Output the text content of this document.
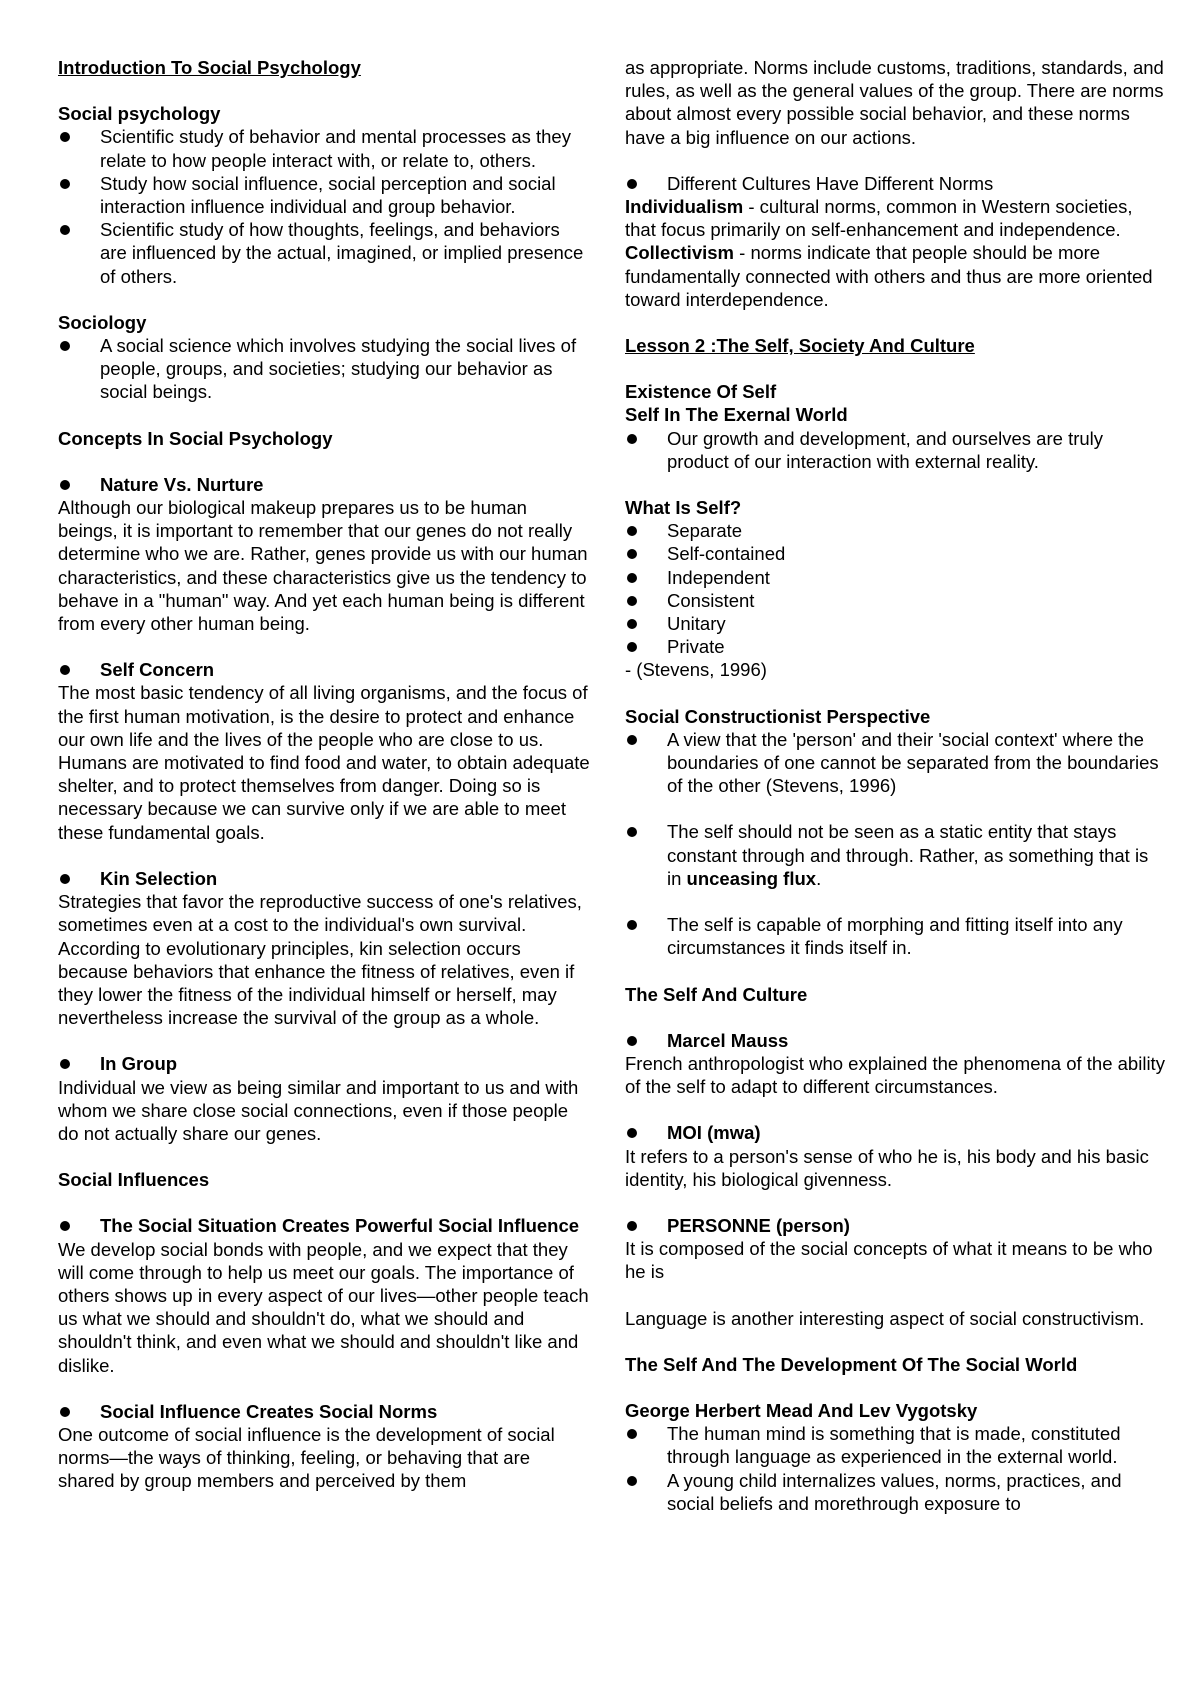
Introduction To Social Psychology

Social psychology

Scientific study of behavior and mental processes as they relate to how people interact with, or relate to, others.
Study how social influence, social perception and social interaction influence individual and group behavior.
Scientific study of how thoughts, feelings, and behaviors are influenced by the actual, imagined, or implied presence of others.

Sociology

A social science which involves studying the social lives of people, groups, and societies; studying our behavior as social beings.

Concepts In Social Psychology

Nature Vs. Nurture

Although our biological makeup prepares us to be human beings, it is important to remember that our genes do not really determine who we are. Rather, genes provide us with our human characteristics, and these characteristics give us the tendency to behave in a "human" way. And yet each human being is different from every other human being.

Self Concern

The most basic tendency of all living organisms, and the focus of the first human motivation, is the desire to protect and enhance our own life and the lives of the people who are close to us. Humans are motivated to find food and water, to obtain adequate shelter, and to protect themselves from danger. Doing so is necessary because we can survive only if we are able to meet these fundamental goals.

Kin Selection

Strategies that favor the reproductive success of one's relatives, sometimes even at a cost to the individual's own survival. According to evolutionary principles, kin selection occurs because behaviors that enhance the fitness of relatives, even if they lower the fitness of the individual himself or herself, may nevertheless increase the survival of the group as a whole.

In Group

Individual we view as being similar and important to us and with whom we share close social connections, even if those people do not actually share our genes.

Social Influences

The Social Situation Creates Powerful Social Influence

We develop social bonds with people, and we expect that they will come through to help us meet our goals. The importance of others shows up in every aspect of our lives—other people teach us what we should and shouldn't do, what we should and shouldn't think, and even what we should and shouldn't like and dislike.

Social Influence Creates Social Norms

One outcome of social influence is the development of social norms—the ways of thinking, feeling, or behaving that are shared by group members and perceived by them

as appropriate. Norms include customs, traditions, standards, and rules, as well as the general values of the group. There are norms about almost every possible social behavior, and these norms have a big influence on our actions.

Different Cultures Have Different Norms

Individualism - cultural norms, common in Western societies, that focus primarily on self-enhancement and independence.

Collectivism - norms indicate that people should be more fundamentally connected with others and thus are more oriented toward interdependence.

Lesson 2 :The Self, Society And Culture

Existence Of Self

Self In The Exernal World

Our growth and development, and ourselves are truly product of our interaction with external reality.

What Is Self?

Separate
Self-contained
Independent
Consistent
Unitary
Private

- (Stevens, 1996)

Social Constructionist Perspective

A view that the 'person' and their 'social context' where the boundaries of one cannot be separated from the boundaries of the other (Stevens, 1996)
The self should not be seen as a static entity that stays constant through and through. Rather, as something that is in unceasing flux.
The self is capable of morphing and fitting itself into any circumstances it finds itself in.

The Self And Culture

Marcel Mauss

French anthropologist who explained the phenomena of the ability of the self to adapt to different circumstances.

MOI (mwa)

It refers to a person's sense of who he is, his body and his basic identity, his biological givenness.

PERSONNE (person)

It is composed of the social concepts of what it means to be who he is

Language is another interesting aspect of social constructivism.

The Self And The Development Of The Social World

George Herbert Mead And Lev Vygotsky

The human mind is something that is made, constituted through language as experienced in the external world.
A young child internalizes values, norms, practices, and social beliefs and morethrough exposure to
